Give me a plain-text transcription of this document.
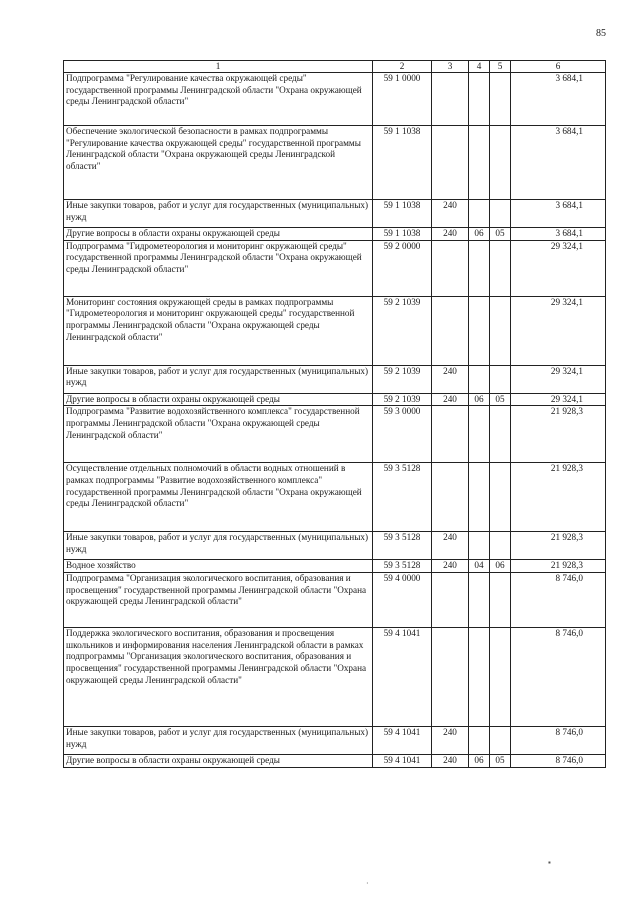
85
1	2	3	4	5	6
Подпрограмма "Регулирование качества окружающей среды" государственной программы Ленинградской области "Охрана окружающей среды Ленинградской области"	59 1 0000				3 684,1
Обеспечение экологической безопасности в рамках подпрограммы "Регулирование качества окружающей среды" государственной программы Ленинградской области "Охрана окружающей среды Ленинградской области"	59 1 1038				3 684,1
Иные закупки товаров, работ и услуг для государственных (муниципальных) нужд	59 1 1038	240			3 684,1
Другие вопросы в области охраны окружающей среды	59 1 1038	240	06	05	3 684,1
Подпрограмма "Гидрометеорология и мониторинг окружающей среды" государственной программы Ленинградской области "Охрана окружающей среды Ленинградской области"	59 2 0000				29 324,1
Мониторинг состояния окружающей среды в рамках подпрограммы "Гидрометеорология и мониторинг окружающей среды" государственной программы Ленинградской области "Охрана окружающей среды Ленинградской области"	59 2 1039				29 324,1
Иные закупки товаров, работ и услуг для государственных (муниципальных) нужд	59 2 1039	240			29 324,1
Другие вопросы в области охраны окружающей среды	59 2 1039	240	06	05	29 324,1
Подпрограмма "Развитие водохозяйственного комплекса" государственной программы Ленинградской области "Охрана окружающей среды Ленинградской области"	59 3 0000				21 928,3
Осуществление отдельных полномочий в области водных отношений в рамках подпрограммы "Развитие водохозяйственного комплекса" государственной программы Ленинградской области "Охрана окружающей среды Ленинградской области"	59 3 5128				21 928,3
Иные закупки товаров, работ и услуг для государственных (муниципальных) нужд	59 3 5128	240			21 928,3
Водное хозяйство	59 3 5128	240	04	06	21 928,3
Подпрограмма "Организация экологического воспитания, образования и просвещения" государственной программы Ленинградской области "Охрана окружающей среды Ленинградской области"	59 4 0000				8 746,0
Поддержка экологического воспитания, образования и просвещения школьников и информирования населения Ленинградской области в рамках подпрограммы "Организация экологического воспитания, образования и просвещения" государственной программы Ленинградской области "Охрана окружающей среды Ленинградской области"	59 4 1041				8 746,0
Иные закупки товаров, работ и услуг для государственных (муниципальных) нужд	59 4 1041	240			8 746,0
Другие вопросы в области охраны окружающей среды	59 4 1041	240	06	05	8 746,0
▪
·
